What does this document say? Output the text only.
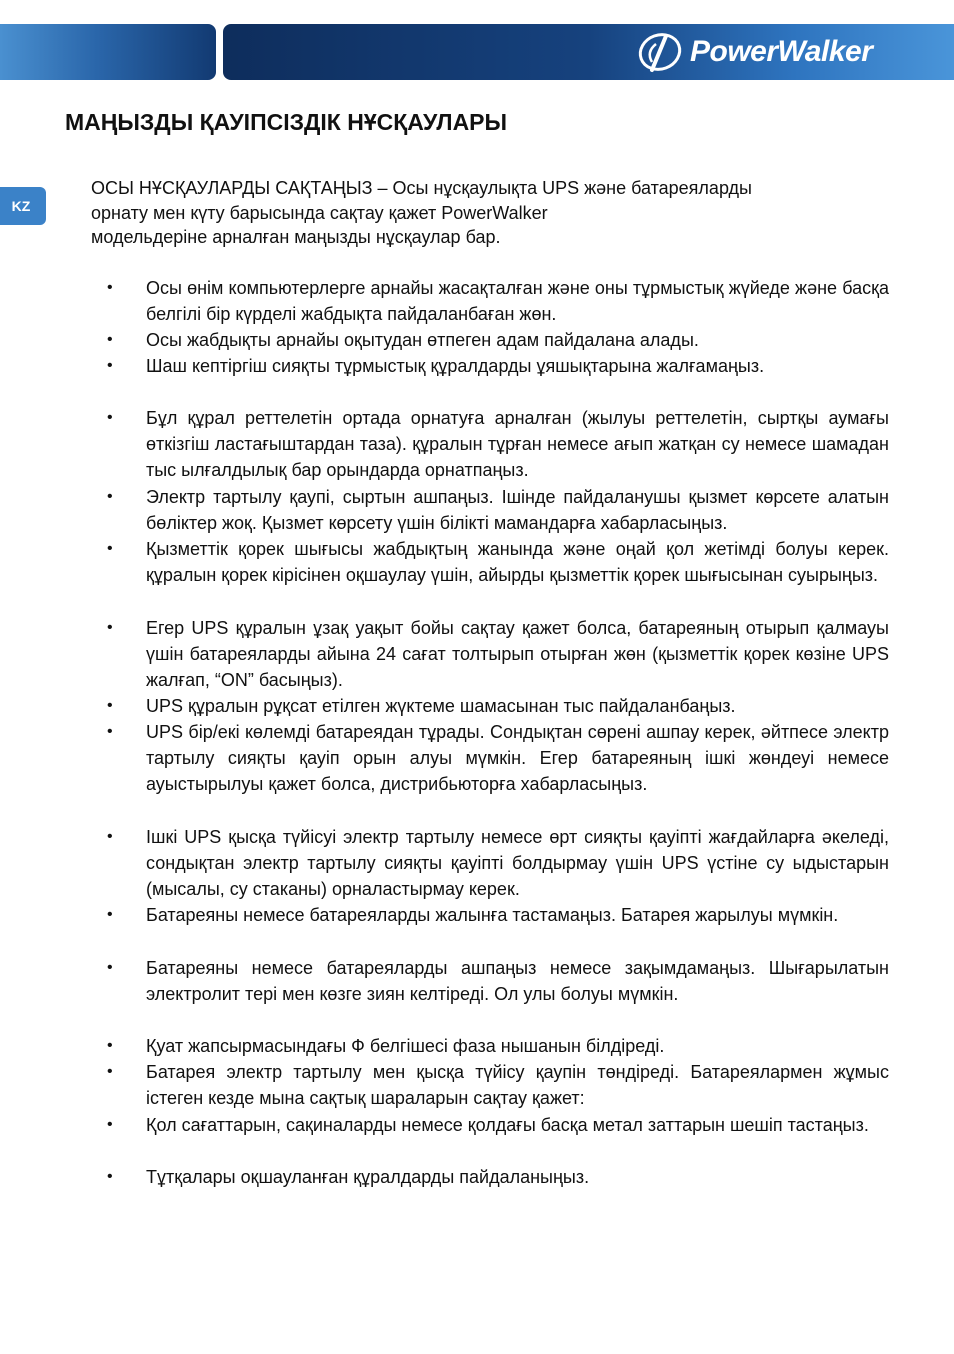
PowerWalker
МАҢЫЗДЫ ҚАУІПСІЗДІК НҰСҚАУЛАРЫ
KZ

ОСЫ НҰСҚАУЛАРДЫ САҚТАҢЫЗ – Осы нұсқаулықта UPS және батареяларды
орнату мен күту барысында сақтау қажет PowerWalker
модельдеріне арналған маңызды нұсқаулар бар.

• Осы өнім компьютерлерге арнайы жасақталған және оны тұрмыстық жүйеде және басқа белгілі бір күрделі жабдықта пайдаланбаған жөн.
• Осы жабдықты арнайы оқытудан өтпеген адам пайдалана алады.
• Шаш кептіргіш сияқты тұрмыстық құралдарды ұяшықтарына жалғамаңыз.
• Бұл құрал реттелетін ортада орнатуға арналған (жылуы реттелетін, сыртқы аумағы өткізгіш ластағыштардан таза). құралын тұрған немесе ағып жатқан су немесе шамадан тыс ылғалдылық бар орындарда орнатпаңыз.
• Электр тартылу қаупі, сыртын ашпаңыз. Ішінде пайдаланушы қызмет көрсете алатын бөліктер жоқ. Қызмет көрсету үшін білікті мамандарға хабарласыңыз.
• Қызметтік қорек шығысы жабдықтың жанында және оңай қол жетімді болуы керек. құралын қорек кірісінен оқшаулау үшін, айырды қызметтік қорек шығысынан суырыңыз.
• Егер UPS құралын ұзақ уақыт бойы сақтау қажет болса, батареяның отырып қалмауы үшін батареяларды айына 24 сағат толтырып отырған жөн (қызметтік қорек көзіне UPS жалғап, “ON” басыңыз).
• UPS құралын рұқсат етілген жүктеме шамасынан тыс пайдаланбаңыз.
• UPS бір/екі көлемді батареядан тұрады. Сондықтан сөрені ашпау керек, әйтпесе электр тартылу сияқты қауіп орын алуы мүмкін. Егер батареяның ішкі жөндеуі немесе ауыстырылуы қажет болса, дистрибьюторға хабарласыңыз.
• Ішкі UPS қысқа түйісуі электр тартылу немесе өрт сияқты қауіпті жағдайларға әкеледі, сондықтан электр тартылу сияқты қауіпті болдырмау үшін UPS үстіне су ыдыстарын (мысалы, су стаканы) орналастырмау керек.
• Батареяны немесе батареяларды жалынға тастамаңыз. Батарея жарылуы мүмкін.
• Батареяны немесе батареяларды ашпаңыз немесе зақымдамаңыз. Шығарылатын электролит тері мен көзге зиян келтіреді. Ол улы болуы мүмкін.
• Қуат жапсырмасындағы Ф белгішесі фаза нышанын білдіреді.
• Батарея электр тартылу мен қысқа түйісу қаупін төндіреді. Батареялармен жұмыс істеген кезде мына сақтық шараларын сақтау қажет:
• Қол сағаттарын, сақиналарды немесе қолдағы басқа метал заттарын шешіп тастаңыз.
• Тұтқалары оқшауланған құралдарды пайдаланыңыз.
